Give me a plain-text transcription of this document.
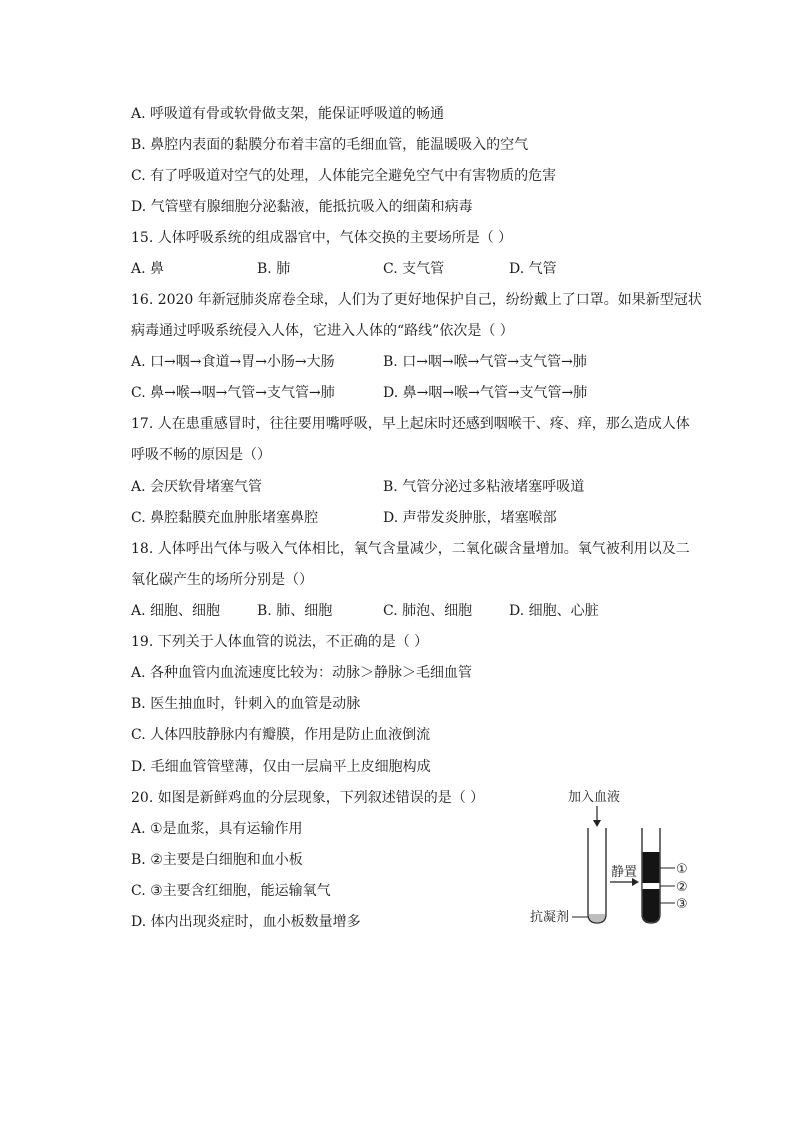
A. 呼吸道有骨或软骨做支架，能保证呼吸道的畅通
B. 鼻腔内表面的黏膜分布着丰富的毛细血管，能温暖吸入的空气
C. 有了呼吸道对空气的处理，人体能完全避免空气中有害物质的危害
D. 气管壁有腺细胞分泌黏液，能抵抗吸入的细菌和病毒
15. 人体呼吸系统的组成器官中，气体交换的主要场所是（ ）
A. 鼻	B. 肺	C. 支气管	D. 气管
16. 2020 年新冠肺炎席卷全球，人们为了更好地保护自己，纷纷戴上了口罩。如果新型冠状
病毒通过呼吸系统侵入人体，它进入人体的“路线”依次是（ ）
A. 口→咽→食道→胃→小肠→大肠	B. 口→咽→喉→气管→支气管→肺
C. 鼻→喉→咽→气管→支气管→肺	D. 鼻→咽→喉→气管→支气管→肺
17. 人在患重感冒时，往往要用嘴呼吸，早上起床时还感到咽喉干、疼、痒，那么造成人体
呼吸不畅的原因是（）
A. 会厌软骨堵塞气管	B. 气管分泌过多粘液堵塞呼吸道
C. 鼻腔黏膜充血肿胀堵塞鼻腔	D. 声带发炎肿胀，堵塞喉部
18. 人体呼出气体与吸入气体相比，氧气含量减少，二氧化碳含量增加。氧气被利用以及二
氧化碳产生的场所分别是（）
A. 细胞、细胞	B. 肺、细胞	C. 肺泡、细胞	D. 细胞、心脏
19. 下列关于人体血管的说法，不正确的是（ ）
A. 各种血管内血流速度比较为：动脉＞静脉＞毛细血管
B. 医生抽血时，针刺入的血管是动脉
C. 人体四肢静脉内有瓣膜，作用是防止血液倒流
D. 毛细血管管壁薄，仅由一层扁平上皮细胞构成
20. 如图是新鲜鸡血的分层现象，下列叙述错误的是（ ）
A. ①是血浆，具有运输作用
B. ②主要是白细胞和血小板
C. ③主要含红细胞，能运输氧气
D. 体内出现炎症时，血小板数量增多
加入血液
抗凝剂
静置	①
②
③
